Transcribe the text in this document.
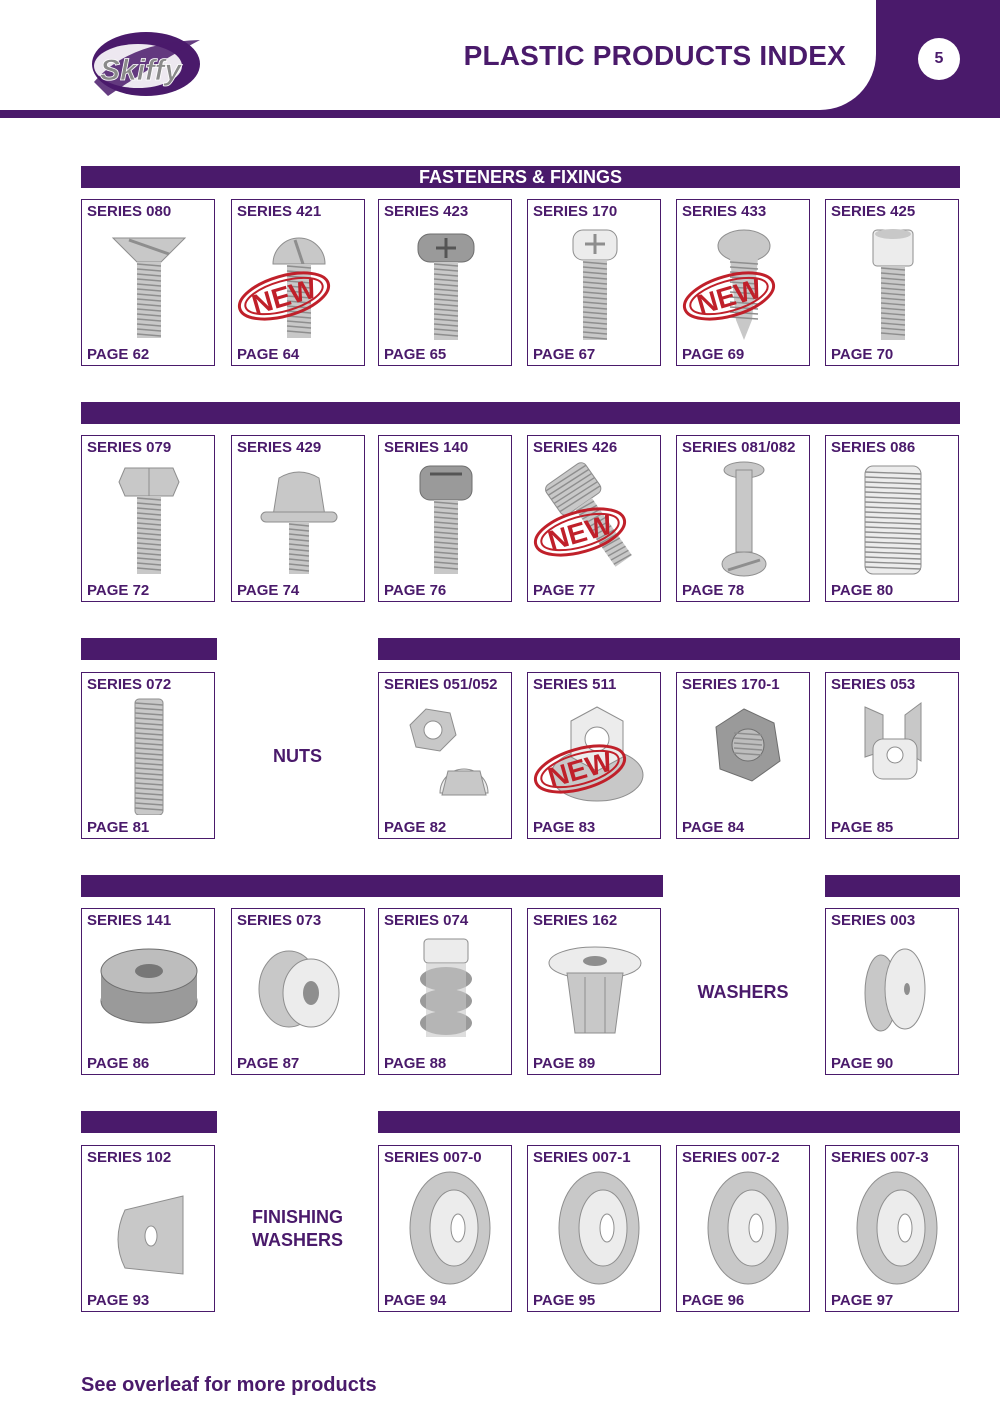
Skiffy	PLASTIC PRODUCTS INDEX	5
FASTENERS & FIXINGS
NUTS
WASHERS
FINISHING WASHERS
SERIES 080
PAGE 62
SERIES 421
NEW
PAGE 64
SERIES 423
PAGE 65
SERIES 170
PAGE 67
SERIES 433
NEW
PAGE 69
SERIES 425
PAGE 70
SERIES 079
PAGE 72
SERIES 429
PAGE 74
SERIES 140
PAGE 76
SERIES 426
NEW
PAGE 77
SERIES 081/082
PAGE 78
SERIES 086
PAGE 80
SERIES 072
PAGE 81
SERIES 051/052
PAGE 82
SERIES 511
NEW
PAGE 83
SERIES 170-1
PAGE 84
SERIES 053
PAGE 85
SERIES 141
PAGE 86
SERIES 073
PAGE 87
SERIES 074
PAGE 88
SERIES 162
PAGE 89
SERIES 003
PAGE 90
SERIES 102
PAGE 93
SERIES 007-0
PAGE 94
SERIES 007-1
PAGE 95
SERIES 007-2
PAGE 96
SERIES 007-3
PAGE 97
See overleaf for more products
